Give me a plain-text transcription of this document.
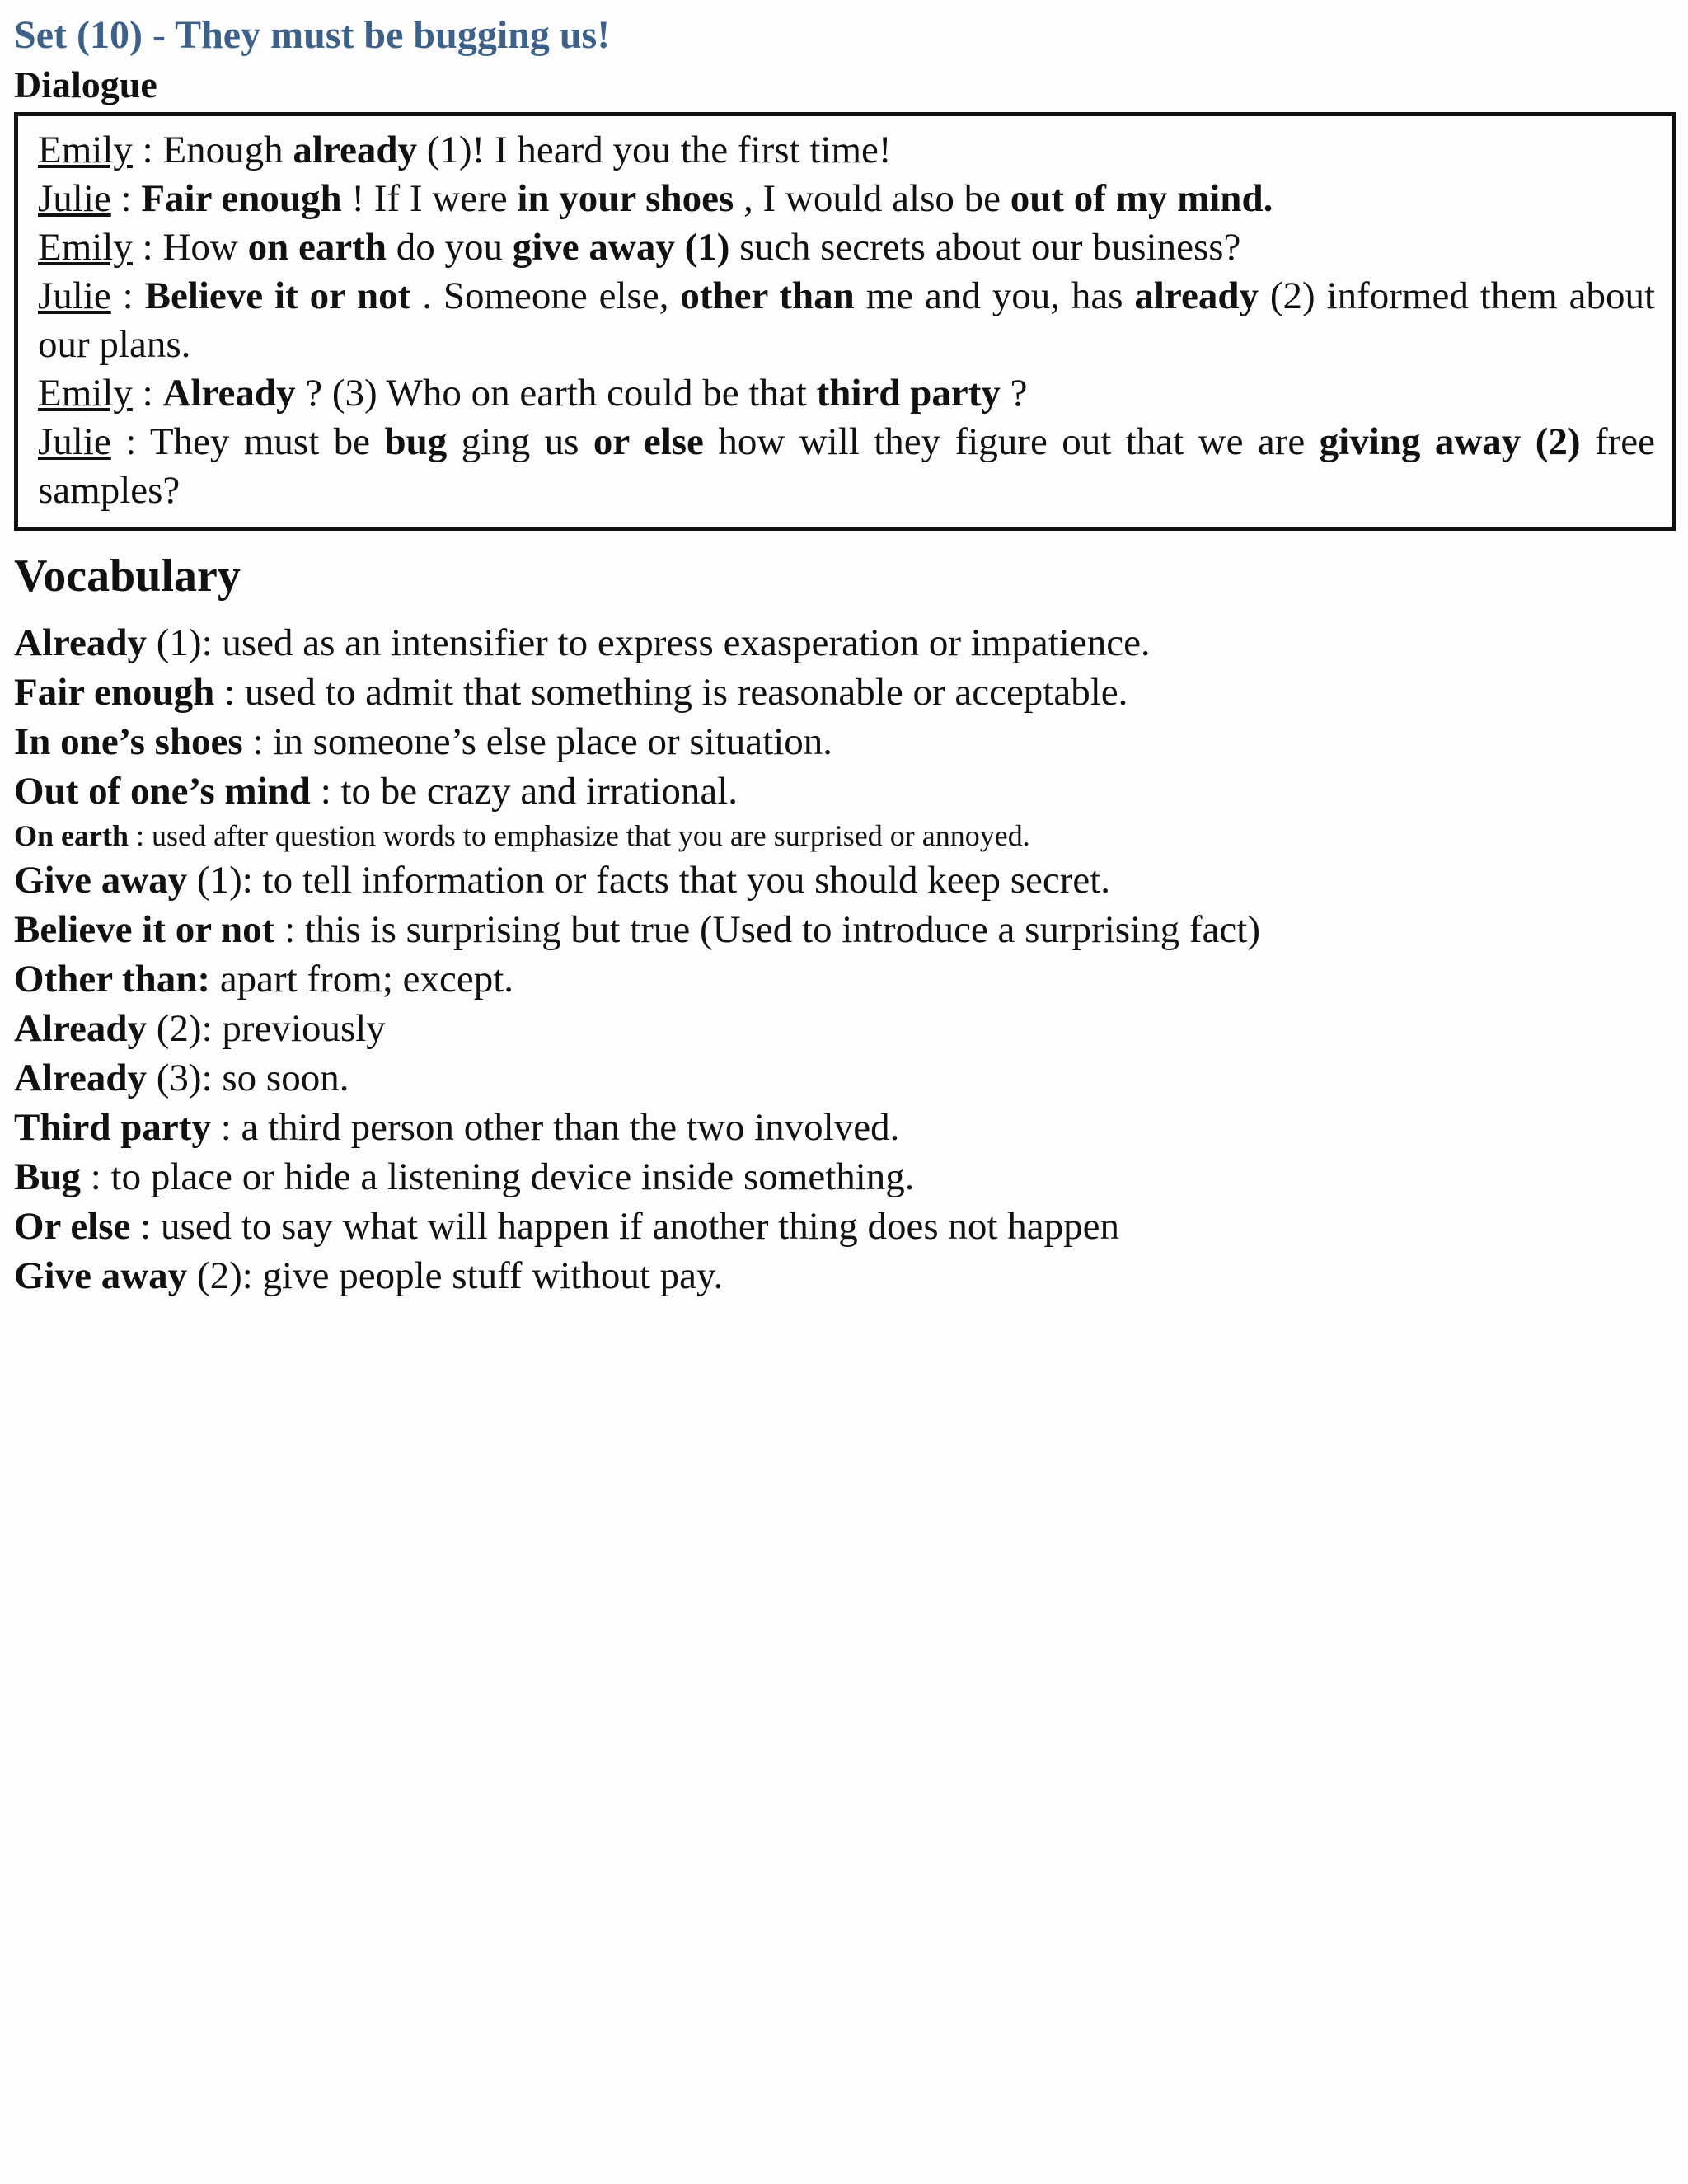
Set (10) - They must be bugging us!
Dialogue
Emily : Enough already (1)! I heard you the first time!
Julie : Fair enough ! If I were in your shoes , I would also be out of my mind.
Emily : How on earth do you give away (1) such secrets about our business?
Julie : Believe it or not . Someone else, other than me and you, has already (2) informed them about our plans.
Emily : Already ? (3) Who on earth could be that third party ?
Julie : They must be bug ging us or else how will they figure out that we are giving away (2) free samples?
Vocabulary
Already (1): used as an intensifier to express exasperation or impatience.
Fair enough : used to admit that something is reasonable or acceptable.
In one’s shoes : in someone’s else place or situation.
Out of one’s mind : to be crazy and irrational.
On earth : used after question words to emphasize that you are surprised or annoyed.
Give away (1): to tell information or facts that you should keep secret.
Believe it or not : this is surprising but true (Used to introduce a surprising fact)
Other than: apart from; except.
Already (2): previously
Already (3): so soon.
Third party : a third person other than the two involved.
Bug : to place or hide a listening device inside something.
Or else : used to say what will happen if another thing does not happen
Give away (2): give people stuff without pay.
